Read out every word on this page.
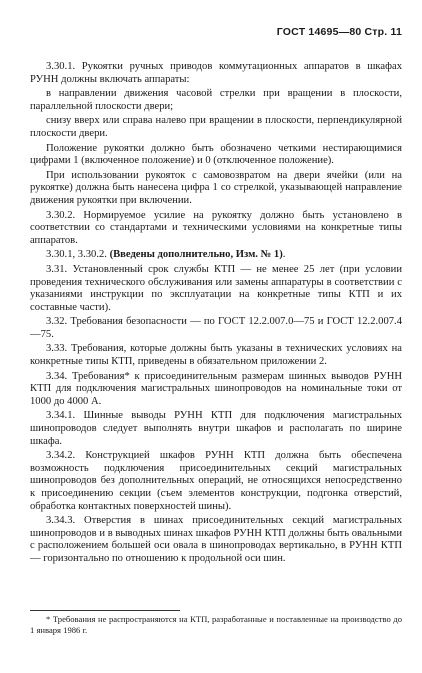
ГОСТ 14695—80 Стр. 11

3.30.1. Рукоятки ручных приводов коммутационных аппаратов в шкафах РУНН должны включать аппараты:

в направлении движения часовой стрелки при вращении в плоскости, параллельной плоскости двери;

снизу вверх или справа налево при вращении в плоскости, перпендикулярной плоскости двери.

Положение рукоятки должно быть обозначено четкими нестирающимися цифрами 1 (включенное положение) и 0 (отключенное положение).

При использовании рукояток с самовозвратом на двери ячейки (или на рукоятке) должна быть нанесена цифра 1 со стрелкой, указывающей направление движения рукоятки при включении.

3.30.2. Нормируемое усилие на рукоятку должно быть установлено в соответствии со стандартами и техническими условиями на конкретные типы аппаратов.

3.30.1, 3.30.2. (Введены дополнительно, Изм. № 1).

3.31. Установленный срок службы КТП — не менее 25 лет (при условии проведения технического обслуживания или замены аппаратуры в соответствии с указаниями инструкции по эксплуатации на конкретные типы КТП и их составные части).

3.32. Требования безопасности — по ГОСТ 12.2.007.0—75 и ГОСТ 12.2.007.4—75.

3.33. Требования, которые должны быть указаны в технических условиях на конкретные типы КТП, приведены в обязательном приложении 2.

3.34. Требования* к присоединительным размерам шинных выводов РУНН КТП для подключения магистральных шинопроводов на номинальные токи от 1000 до 4000 А.

3.34.1. Шинные выводы РУНН КТП для подключения магистральных шинопроводов следует выполнять внутри шкафов и располагать по ширине шкафа.

3.34.2. Конструкцией шкафов РУНН КТП должна быть обеспечена возможность подключения присоединительных секций магистральных шинопроводов без дополнительных операций, не относящихся непосредственно к присоединению секции (съем элементов конструкции, подгонка отверстий, обработка контактных поверхностей шины).

3.34.3. Отверстия в шинах присоединительных секций магистральных шинопроводов и в выводных шинах шкафов РУНН КТП должны быть овальными с расположением большей оси овала в шинопроводах вертикально, в РУНН КТП — горизонтально по отношению к продольной оси шин.

* Требования не распространяются на КТП, разработанные и поставленные на производство до 1 января 1986 г.
